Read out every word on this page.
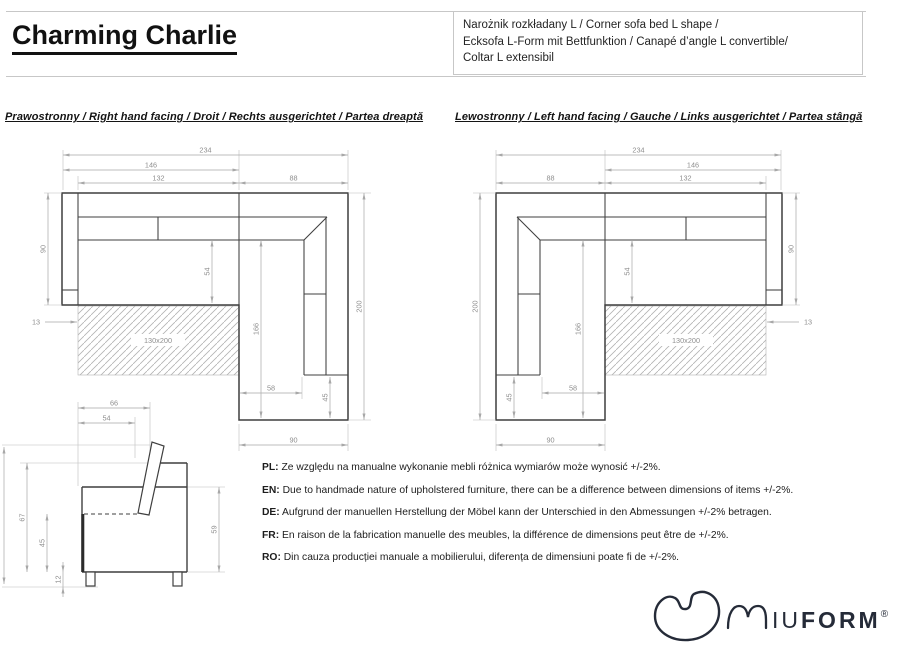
Charming Charlie	Narożnik rozkładany L / Corner sofa bed L shape /
Ecksofa L-Form mit Bettfunktion / Canapé d’angle L convertible/
Coltar L extensibil
Prawostronny / Right hand facing / Droit / Rechts ausgerichtet / Partea dreaptă	Lewostronny / Left hand facing / Gauche / Links ausgerichtet / Partea stângă
130x200
234
146
132	88
90
200
90
54
166
58
45
13
130x200
234
146
132
88
90
200
90
54
166
58
45
13
66
54
67
45
12
59
PL: Ze względu na manualne wykonanie mebli różnica wymiarów może wynosić +/-2%.
EN: Due to handmade nature of upholstered furniture, there can be a difference between dimensions of items +/-2%.
DE: Aufgrund der manuellen Herstellung der Möbel kann der Unterschied in den Abmessungen +/-2% betragen.
FR: En raison de la fabrication manuelle des meubles, la différence de dimensions peut être de +/-2%.
RO: Din cauza producției manuale a mobilierului, diferența de dimensiuni poate fi de +/-2%.
IUFORM®
